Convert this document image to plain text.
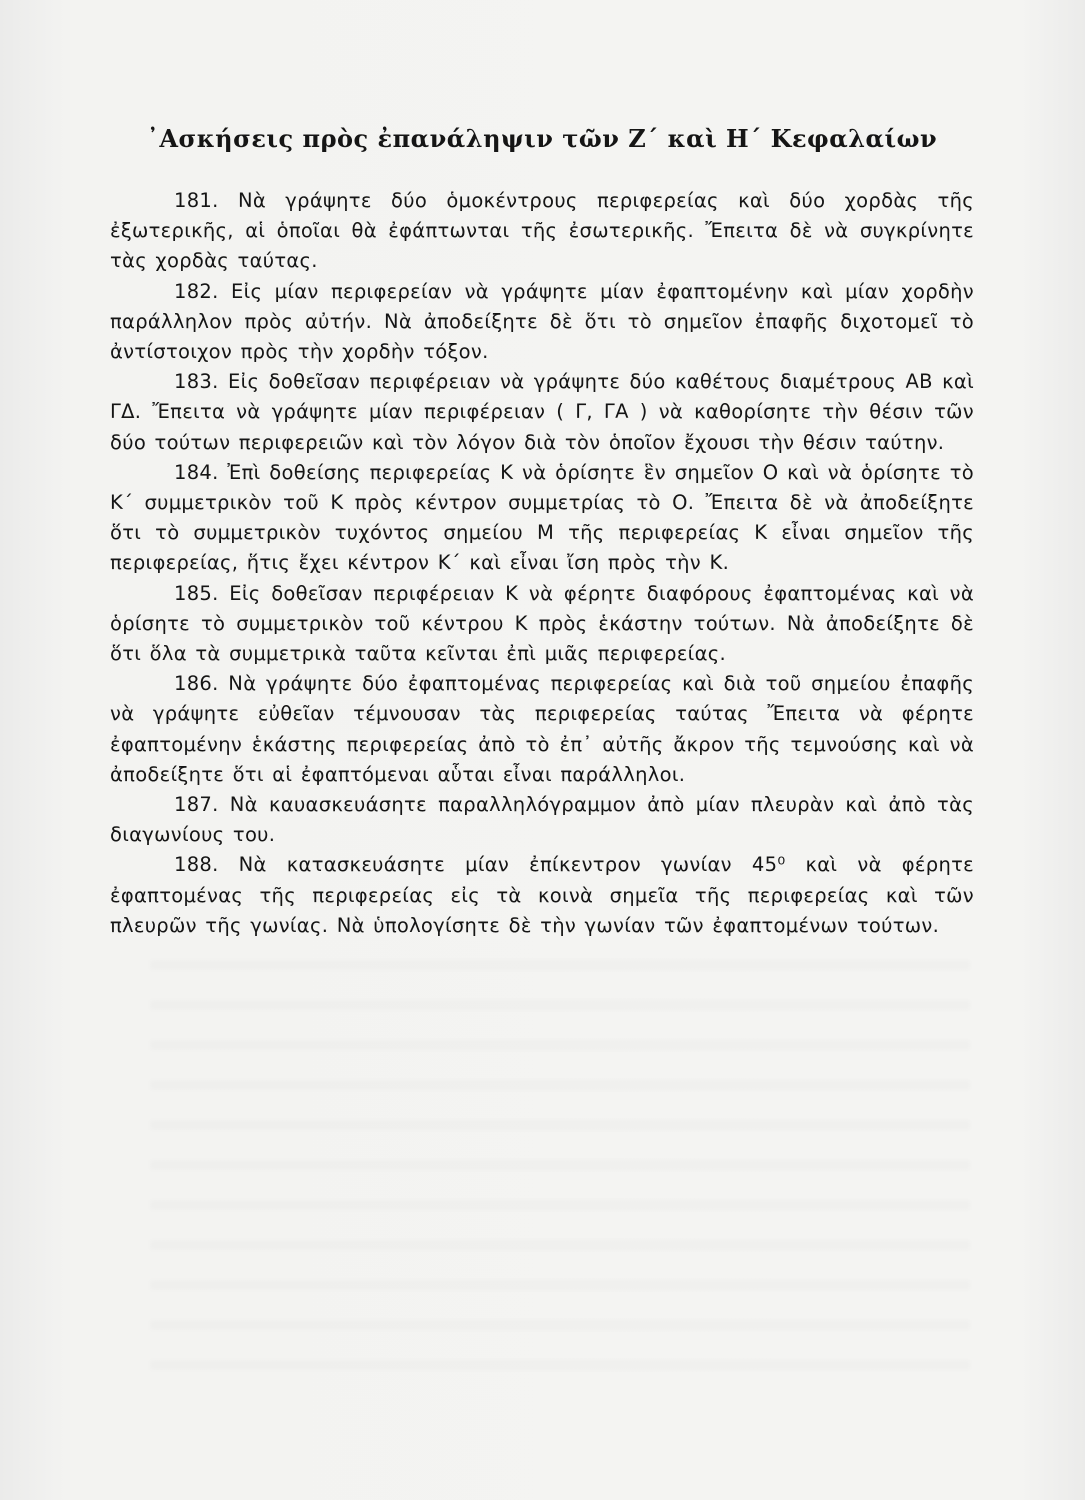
᾿Ασκήσεις πρὸς ἐπανάληψιν τῶν Ζ΄ καὶ Η΄ Κεφαλαίων

181. Νὰ γράψητε δύο ὁμοκέντρους περιφερείας καὶ δύο χορδὰς τῆς ἐξωτερικῆς, αἱ ὁποῖαι θὰ ἐφάπτωνται τῆς ἐσωτερικῆς. Ἔπειτα δὲ νὰ συγκρίνητε τὰς χορδὰς ταύτας.

182. Εἰς μίαν περιφερείαν νὰ γράψητε μίαν ἐφαπτομένην καὶ μίαν χορδὴν παράλληλον πρὸς αὐτήν. Νὰ ἀποδείξητε δὲ ὅτι τὸ σημεῖον ἐπαφῆς διχοτομεῖ τὸ ἀντίστοιχον πρὸς τὴν χορδὴν τόξον.

183. Εἰς δοθεῖσαν περιφέρειαν νὰ γράψητε δύο καθέτους διαμέτρους ΑΒ καὶ ΓΔ. Ἔπειτα νὰ γράψητε μίαν περιφέρειαν ( Γ, ΓΑ ) νὰ καθορίσητε τὴν θέσιν τῶν δύο τούτων περιφερειῶν καὶ τὸν λόγον διὰ τὸν ὁποῖον ἔχουσι τὴν θέσιν ταύτην.

184. Ἐπὶ δοθείσης περιφερείας Κ νὰ ὁρίσητε ἓν σημεῖον Ο καὶ νὰ ὁρίσητε τὸ Κ΄ συμμετρικὸν τοῦ Κ πρὸς κέντρον συμμετρίας τὸ Ο. Ἔπειτα δὲ νὰ ἀποδείξητε ὅτι τὸ συμμετρικὸν τυχόντος σημείου Μ τῆς περιφερείας Κ εἶναι σημεῖον τῆς περιφερείας, ἥτις ἔχει κέντρον Κ΄ καὶ εἶναι ἴση πρὸς τὴν Κ.

185. Εἰς δοθεῖσαν περιφέρειαν Κ νὰ φέρητε διαφόρους ἐφαπτομένας καὶ νὰ ὁρίσητε τὸ συμμετρικὸν τοῦ κέντρου Κ πρὸς ἑκάστην τούτων. Νὰ ἀποδείξητε δὲ ὅτι ὅλα τὰ συμμετρικὰ ταῦτα κεῖνται ἐπὶ μιᾶς περιφερείας.

186. Νὰ γράψητε δύο ἐφαπτομένας περιφερείας καὶ διὰ τοῦ σημείου ἐπαφῆς νὰ γράψητε εὐθεῖαν τέμνουσαν τὰς περιφερείας ταύτας Ἔπειτα νὰ φέρητε ἐφαπτομένην ἑκάστης περιφερείας ἀπὸ τὸ ἐπ᾿ αὐτῆς ἄκρον τῆς τεμνούσης καὶ νὰ ἀποδείξητε ὅτι αἱ ἐφαπτόμεναι αὗται εἶναι παράλληλοι.

187. Νὰ καυασκευάσητε παραλληλόγραμμον ἀπὸ μίαν πλευρὰν καὶ ἀπὸ τὰς διαγωνίους του.

188. Νὰ κατασκευάσητε μίαν ἐπίκεντρον γωνίαν 45⁰ καὶ νὰ φέρητε ἐφαπτομένας τῆς περιφερείας εἰς τὰ κοινὰ σημεῖα τῆς περιφερείας καὶ τῶν πλευρῶν τῆς γωνίας. Νὰ ὑπολογίσητε δὲ τὴν γωνίαν τῶν ἐφαπτομένων τούτων.
